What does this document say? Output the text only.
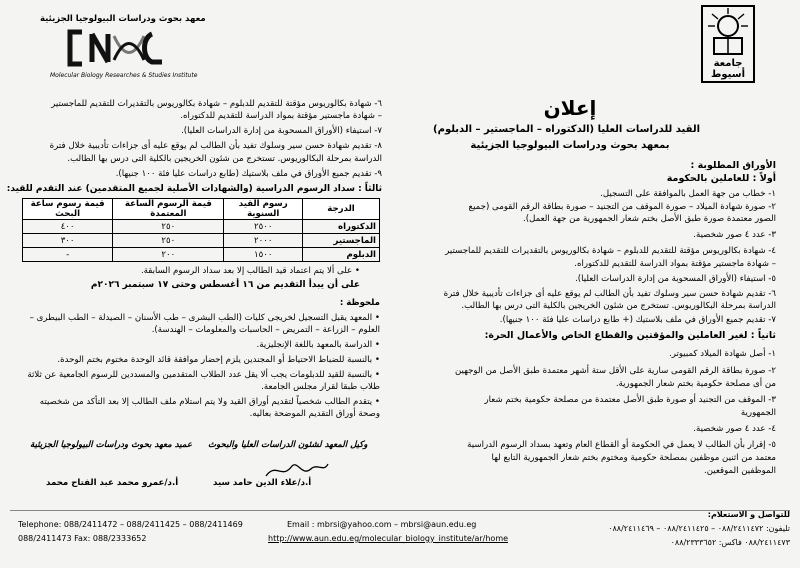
معهد بحوث ودراسات البيولوجيا الجزيئية
Molecular Biology Researches & Studies Institute
جامعة أسيوط
إعلان
القيد للدراسات العليا (الدكتوراه – الماجستير – الدبلوم)
بمعهد بحوث ودراسات البيولوجيا الجزيئية
الأوراق المطلوبة :
أولاً : للعاملين بالحكومة
١- خطاب من جهة العمل بالموافقة على التسجيل.
٢- صورة شهادة الميلاد – صورة الموقف من التجنيد – صورة بطاقة الرقم القومى (جميع
الصور معتمدة صورة طبق الأصل بختم شعار الجمهورية من جهة العمل).
٣- عدد ٤ صور شخصية.
٤- شهادة بكالوريوس مؤقتة للتقديم للدبلوم – شهادة بكالوريوس بالتقديرات للتقديم للماجستير
– شهادة ماجستير مؤقتة بمواد الدراسة للتقديم للدكتوراه.
٥- استيفاء (الأوراق المسحوبة من إدارة الدراسات العليا).
٦- تقديم شهادة حسن سير وسلوك تفيد بأن الطالب لم يوقع عليه أى جزاءات تأديبية خلال فترة
الدراسة بمرحلة البكالوريوس. تستخرج من شئون الخريجين بالكلية التى درس بها الطالب.
٧- تقديم جميع الأوراق في ملف بلاستيك (+ طابع دراسات عليا فئة ١٠٠ جنيها).
ثانياً : لغير العاملين والمؤقتين والقطاع الخاص والأعمال الحرة:
١- أصل شهادة الميلاد كمبيوتر.
٢- صورة بطاقة الرقم القومى سارية على الأقل ستة أشهر معتمدة طبق الأصل من الوجهين
من أى مصلحة حكومية بختم شعار الجمهورية.
٣- الموقف من التجنيد أو صورة طبق الأصل معتمدة من مصلحة حكومية بختم شعار
الجمهورية
٤- عدد ٤ صور شخصية.
٥- إقرار بأن الطالب لا يعمل في الحكومة أو القطاع العام وتعهد بسداد الرسوم الدراسية
معتمد من اثنين موظفين بمصلحة حكومية ومختوم بختم شعار الجمهورية التابع لها
الموظفين الموقعين.
٦- شهادة بكالوريوس مؤقتة للتقديم للدبلوم – شهادة بكالوريوس بالتقديرات للتقديم للماجستير
– شهادة ماجستير مؤقتة بمواد الدراسة للتقديم للدكتوراه.
٧- استيفاء (الأوراق المسحوبة من إدارة الدراسات العليا).
٨- تقديم شهادة حسن سير وسلوك تفيد بأن الطالب لم يوقع عليه أى جزاءات تأديبية خلال فترة
الدراسة بمرحلة البكالوريوس. تستخرج من شئون الخريجين بالكلية التى درس بها الطالب.
٩- تقديم جميع الأوراق في ملف بلاستيك (طابع دراسات عليا فئة ١٠٠ جنيها).
ثالثاً : سداد الرسوم الدراسية (والشهادات الأصلية لجميع المتقدمين) عند التقدم للقيد:
الدرجة	رسوم القيد السنوية	قيمة الرسوم الساعة المعتمدة	قيمة رسوم ساعة البحث
الدكتوراه	٢٥٠٠	٢٥٠	٤٠٠
الماجستير	٢٠٠٠	٢٥٠	٣٠٠
الدبلوم	١٥٠٠	٢٠٠	-
• على ألا يتم اعتماد قيد الطالب إلا بعد سداد الرسوم السابقة.
على أن يبدأ التقديم من ١٦ أغسطس وحتى ١٧ سبتمبر ٢٠٢٦م
ملحوظة :
• المعهد يقبل التسجيل لخريجى كليات (الطب البشرى – طب الأسنان – الصيدلة – الطب البيطرى –
العلوم – الزراعة – التمريض – الحاسبات والمعلومات – الهندسة).
• الدراسة بالمعهد باللغة الإنجليزية.
• بالنسبة للضباط الاحتياط أو المجندين يلزم إحضار موافقة قائد الوحدة مختوم بختم الوحدة.
• بالنسبة للقيد للدبلومات يجب ألا يقل عدد الطلاب المتقدمين والمسددين للرسوم الجامعية عن ثلاثة
طلاب طبقا لقرار مجلس الجامعة.
• يتقدم الطالب شخصياً لتقديم أوراق القيد ولا يتم استلام ملف الطالب إلا بعد التأكد من شخصيته
وصحة أوراق التقديم الموضحة بعاليه.
وكيل المعهد لشئون الدراسات العليا والبحوث
أ.د/علاء الدين حامد سيد
عميد معهد بحوث ودراسات البيولوجيا الجزيئية
أ.د/عمرو محمد عبد الفتاح محمد
للتواصل و الاستعلام:
Telephone: 088/2411472 – 088/2411425 – 088/2411469
088/2411473 Fax: 088/2333652
Email : mbrsi@yahoo.com – mbrsi@aun.edu.eg
http://www.aun.edu.eg/molecular_biology_institute/ar/home
تليفون: ٠٨٨/٢٤١١٤٧٢ – ٠٨٨/٢٤١١٤٢٥ – ٠٨٨/٢٤١١٤٦٩
٠٨٨/٢٤١١٤٧٣ فاكس: ٠٨٨/٢٣٣٣٦٥٢
